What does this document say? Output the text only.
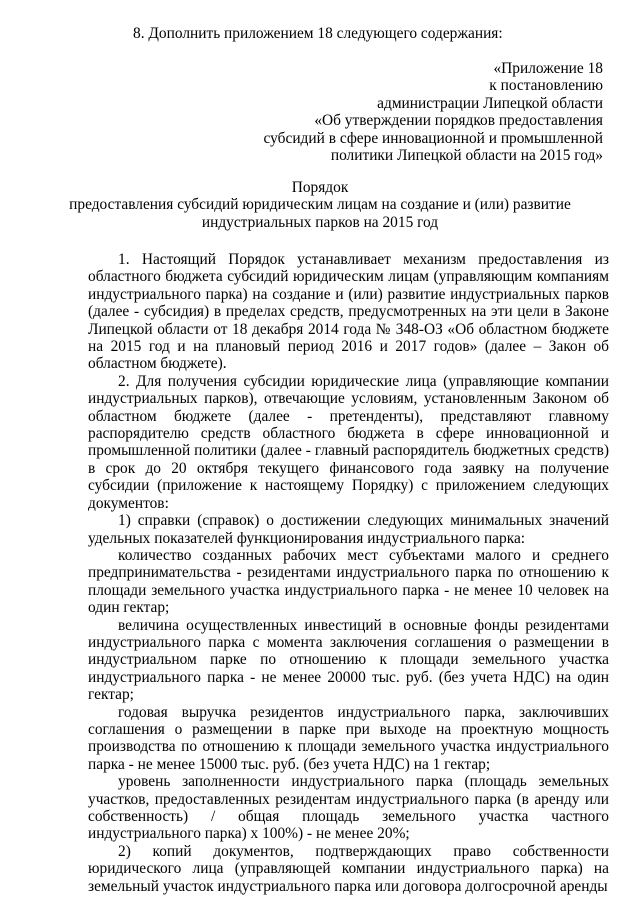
8. Дополнить приложением 18 следующего содержания:
«Приложение 18
к постановлению
администрации Липецкой области
«Об утверждении порядков предоставления
субсидий в сфере инновационной и промышленной
политики Липецкой области на 2015 год»
Порядок
предоставления субсидий юридическим лицам на создание и (или) развитие
индустриальных парков на 2015 год

1. Настоящий Порядок устанавливает механизм предоставления из областного бюджета субсидий юридическим лицам (управляющим компаниям индустриального парка) на создание и (или) развитие индустриальных парков (далее - субсидия) в пределах средств, предусмотренных на эти цели в Законе Липецкой области от 18 декабря 2014 года № 348-ОЗ «Об областном бюджете на 2015 год и на плановый период 2016 и 2017 годов» (далее – Закон об областном бюджете).

2. Для получения субсидии юридические лица (управляющие компании индустриальных парков), отвечающие условиям, установленным Законом об областном бюджете (далее - претенденты), представляют главному распорядителю средств областного бюджета в сфере инновационной и промышленной политики (далее - главный распорядитель бюджетных средств) в срок до 20 октября текущего финансового года заявку на получение субсидии (приложение к настоящему Порядку) с приложением следующих документов:

1) справки (справок) о достижении следующих минимальных значений удельных показателей функционирования индустриального парка:

количество созданных рабочих мест субъектами малого и среднего предпринимательства - резидентами индустриального парка по отношению к площади земельного участка индустриального парка - не менее 10 человек на один гектар;

величина осуществленных инвестиций в основные фонды резидентами индустриального парка с момента заключения соглашения о размещении в индустриальном парке по отношению к площади земельного участка индустриального парка - не менее 20000 тыс. руб. (без учета НДС) на один гектар;

годовая выручка резидентов индустриального парка, заключивших соглашения о размещении в парке при выходе на проектную мощность производства по отношению к площади земельного участка индустриального парка - не менее 15000 тыс. руб. (без учета НДС) на 1 гектар;

уровень заполненности индустриального парка (площадь земельных участков, предоставленных резидентам индустриального парка (в аренду или собственность) / общая площадь земельного участка частного индустриального парка) х 100%) - не менее 20%;

2) копий документов, подтверждающих право собственности юридического лица (управляющей компании индустриального парка) на земельный участок индустриального парка или договора долгосрочной аренды
